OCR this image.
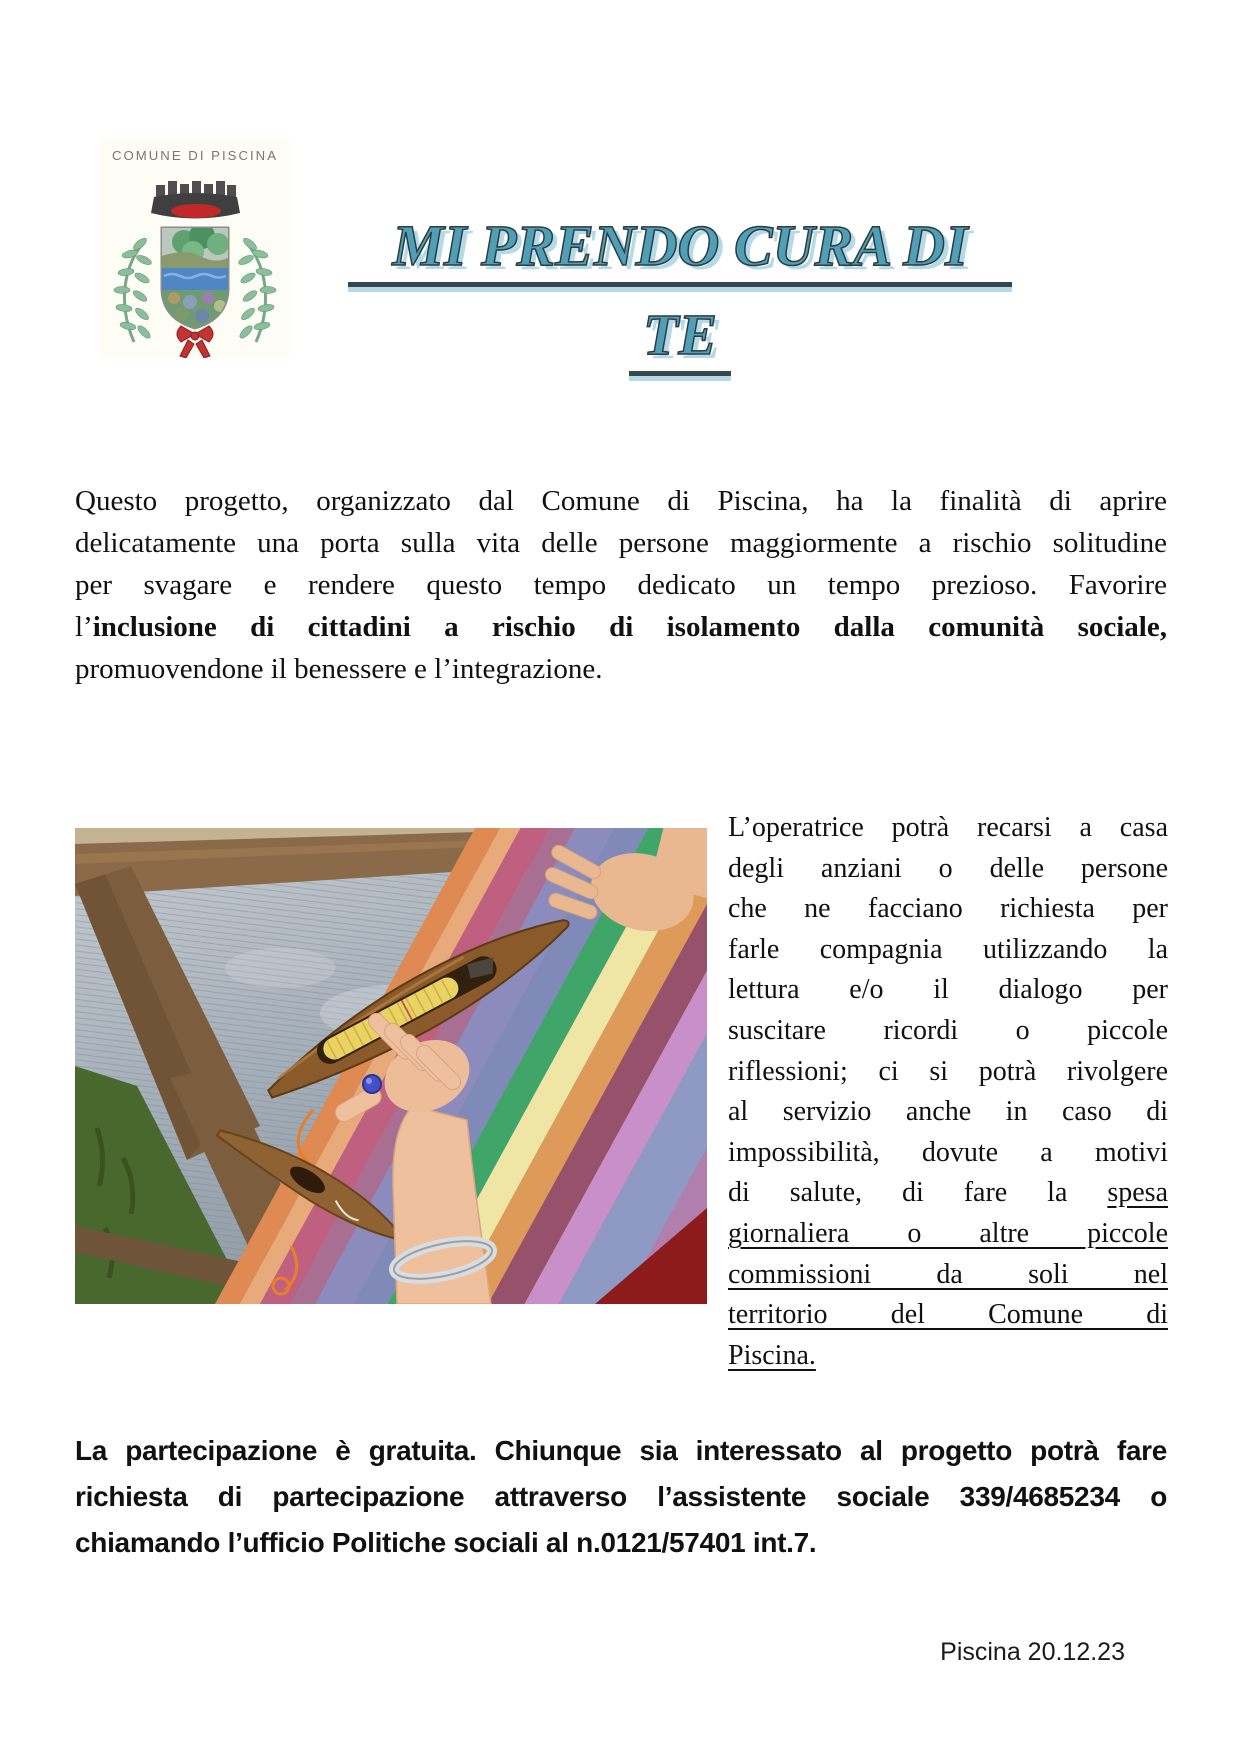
COMUNE DI PISCINA
MI PRENDO CURA DI
TE
Questo progetto, organizzato dal Comune di Piscina, ha la finalità di aprire
delicatamente una porta sulla vita delle persone maggiormente a rischio solitudine
per svagare e rendere questo tempo dedicato un tempo prezioso. Favorire
l’inclusione di cittadini a rischio di isolamento dalla comunità sociale,
promuovendone il benessere e l’integrazione.
L’operatrice potrà recarsi a casa
degli anziani o delle persone
che ne facciano richiesta per
farle compagnia utilizzando la
lettura e/o il dialogo per
suscitare ricordi o piccole
riflessioni; ci si potrà rivolgere
al servizio anche in caso di
impossibilità, dovute a motivi
di salute, di fare la spesa
giornaliera o altre piccole
commissioni da soli nel
territorio del Comune di
Piscina.
La partecipazione è gratuita. Chiunque sia interessato al progetto potrà fare
richiesta di partecipazione attraverso l’assistente sociale 339/4685234 o
chiamando l’ufficio Politiche sociali al n.0121/57401 int.7.
Piscina 20.12.23
